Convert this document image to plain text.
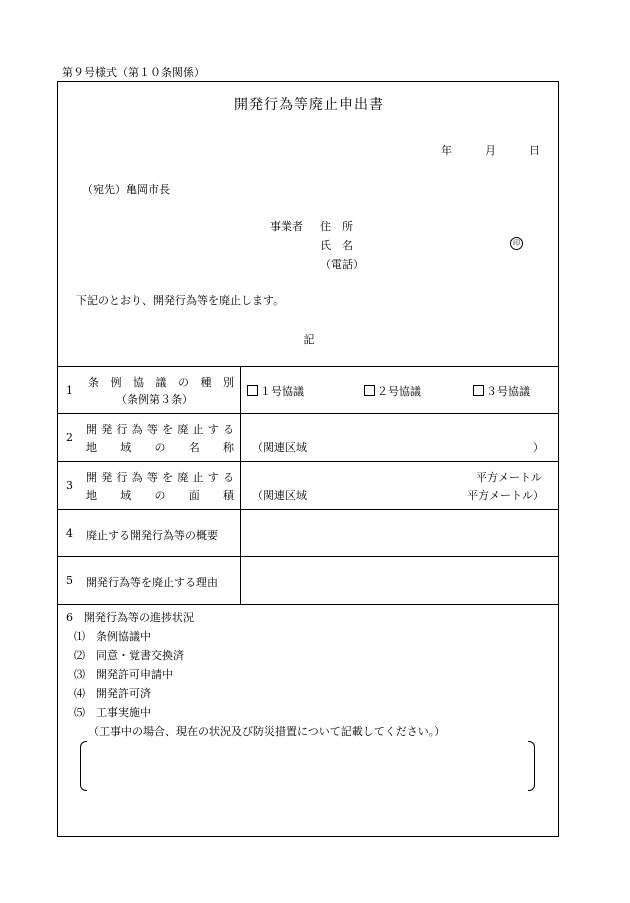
第９号様式（第１０条関係）
開発行為等廃止申出書
年	月	日
（宛先）亀岡市長
事業者 住　所
氏　名
（電話）
印
下記のとおり、開発行為等を廃止します。
記
1
条 例 協 議 の 種 別
（条例第３条）
１号協議	２号協議	３号協議
2
開 発 行 為 等 を 廃 止 す る
地 域 の 名 称 （関連区域	）
3
開 発 行 為 等 を 廃 止 す る
地 域 の 面 積
平方メートル
（関連区域	平方メートル）
4 廃止する開発行為等の概要
5 開発行為等を廃止する理由
6　開発行為等の進捗状況
⑴　条例協議中
⑵　同意・覚書交換済
⑶　開発許可申請中
⑷　開発許可済
⑸　工事実施中
（工事中の場合、現在の状況及び防災措置について記載してください。）
